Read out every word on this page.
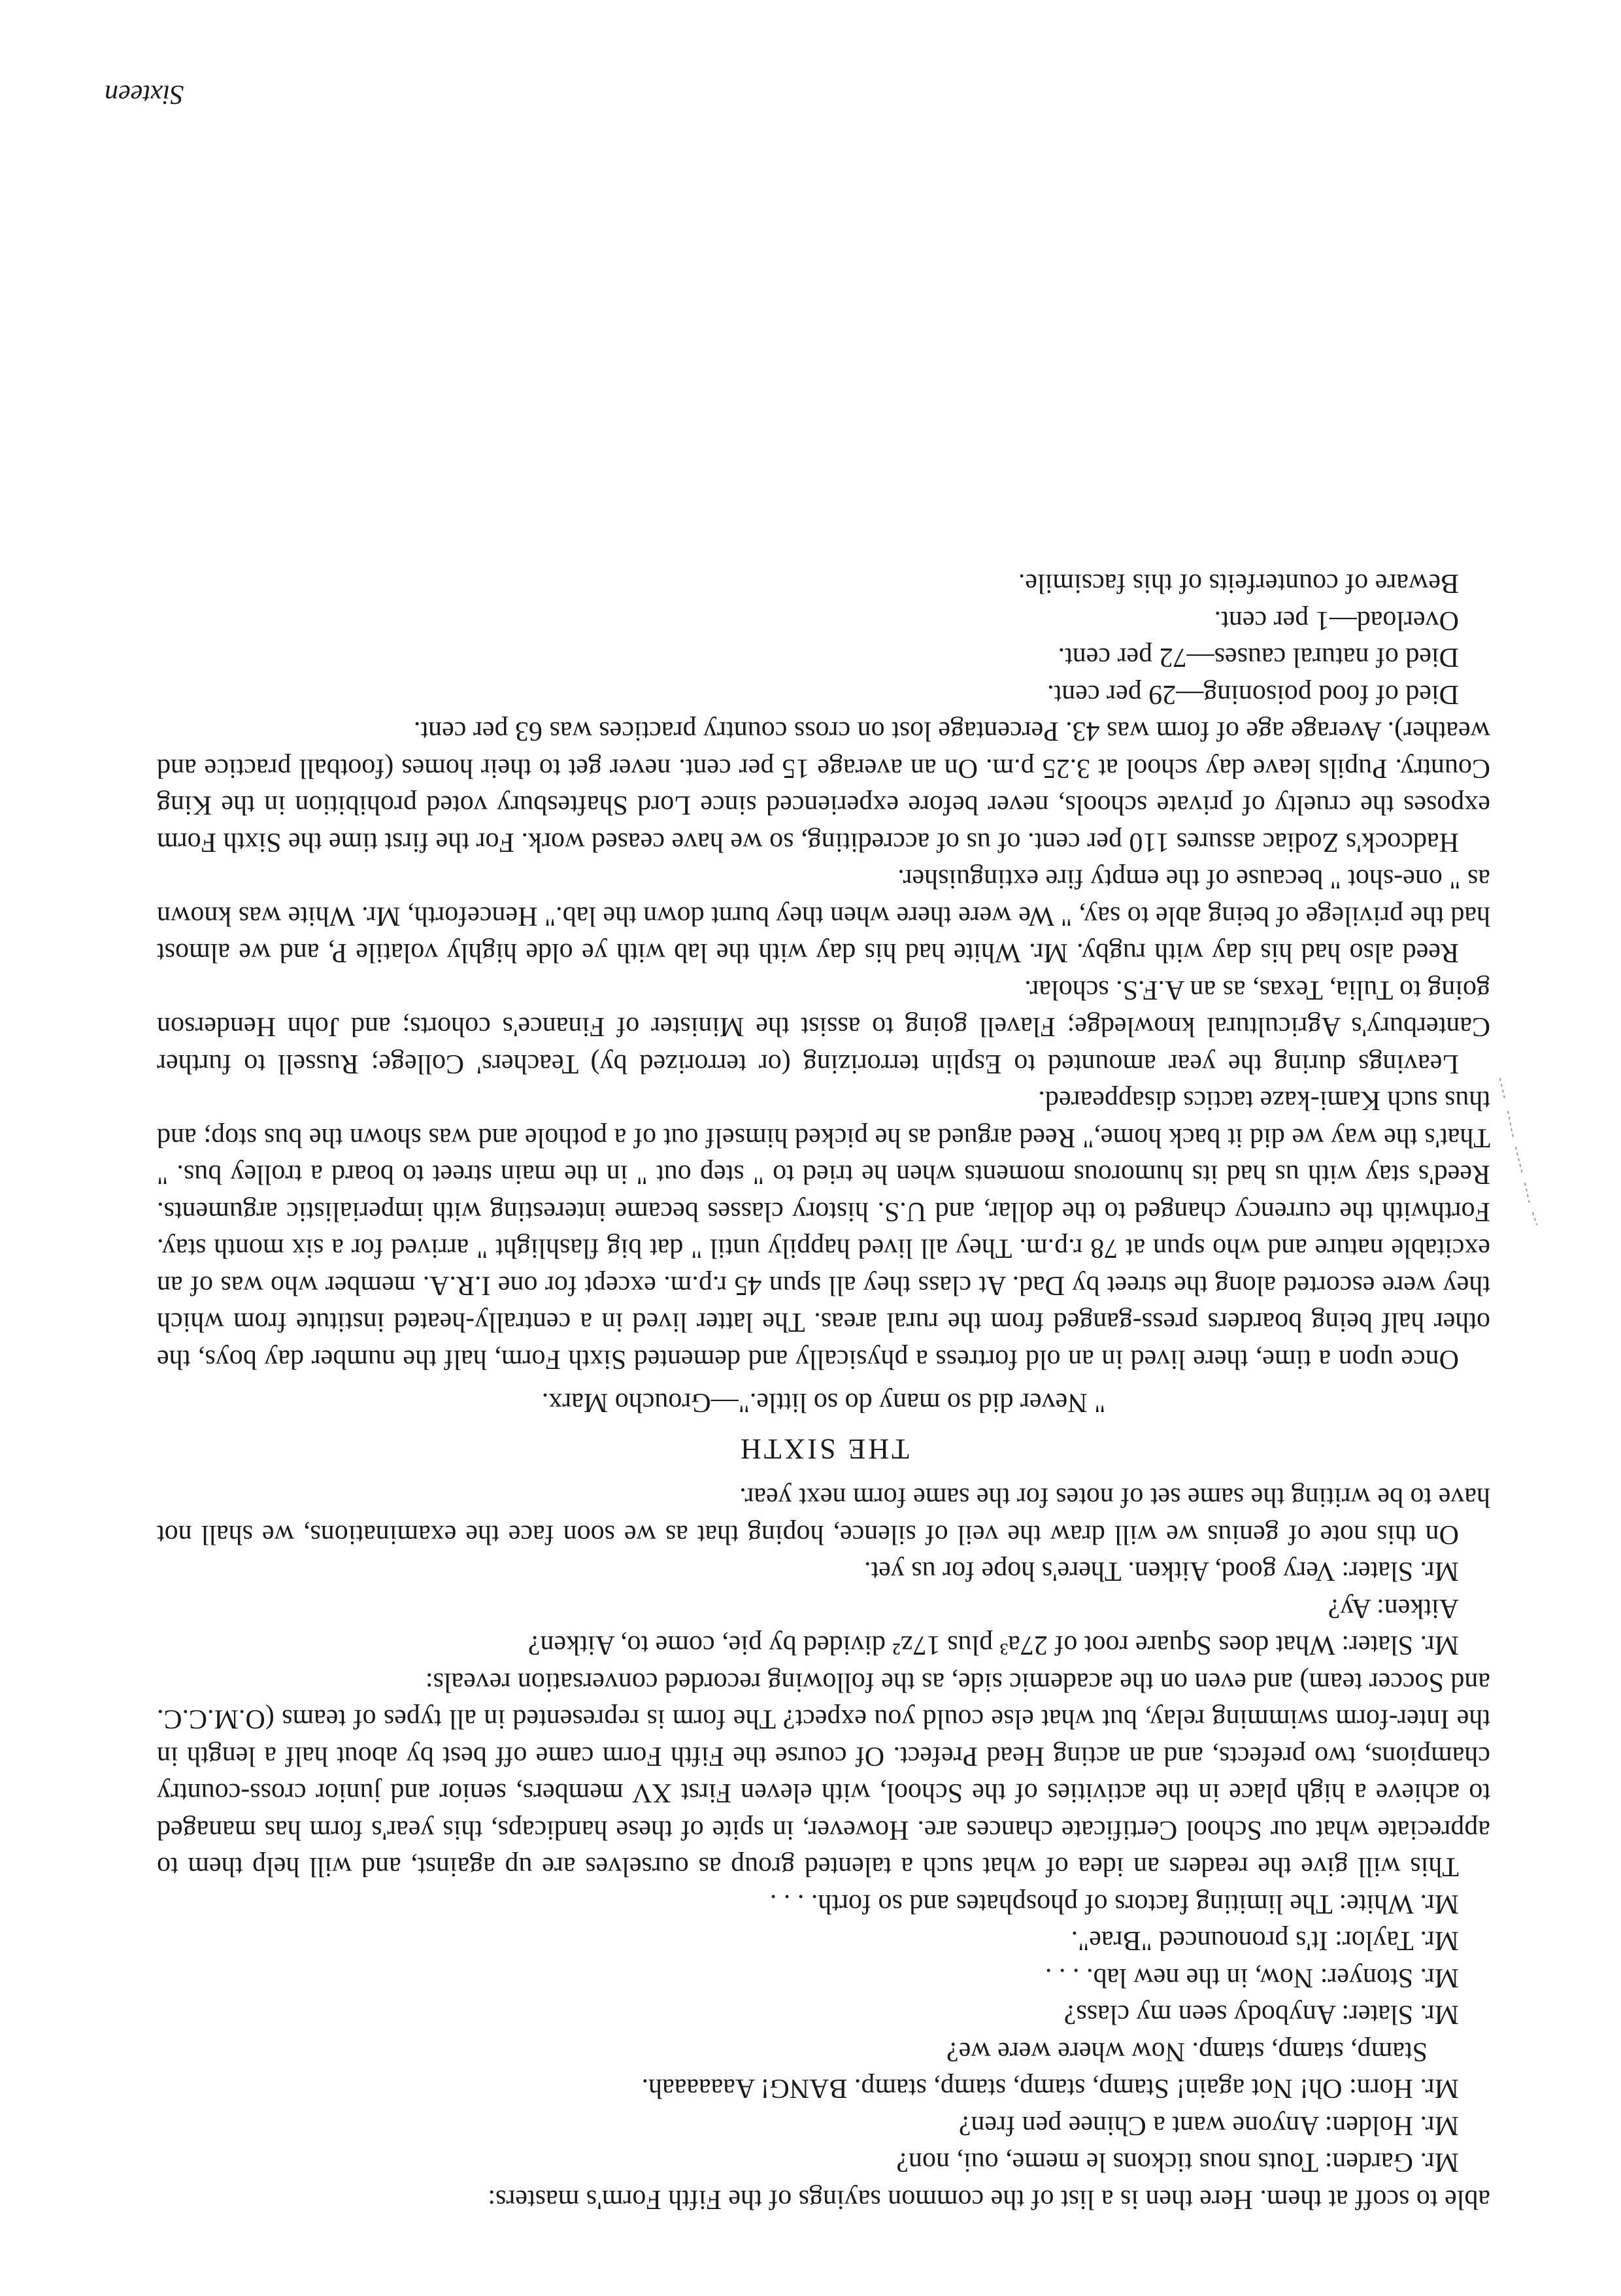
able to scoff at them. Here then is a list of the common sayings of the Fifth Form's masters:

Mr. Garden: Touts nous tickons le meme, oui, non?
Mr. Holden: Anyone want a Chinee pen fren?
Mr. Horn: Oh! Not again! Stamp, stamp, stamp, stamp. BANG! Aaaaaaah.
Stamp, stamp, stamp. Now where were we?
Mr. Slater: Anybody seen my class?
Mr. Stonyer: Now, in the new lab. . . .
Mr. Taylor: It's pronounced "Brae".
Mr. White: The limiting factors of phosphates and so forth. . . .

This will give the readers an idea of what such a talented group as ourselves are up against, and will help them to appreciate what our School Certificate chances are. However, in spite of these handicaps, this year's form has managed to achieve a high place in the activities of the School, with eleven First XV members, senior and junior cross-country champions, two prefects, and an acting Head Prefect. Of course the Fifth Form came off best by about half a length in the Inter-form swimming relay, but what else could you expect? The form is represented in all types of teams (O.M.C.C. and Soccer team) and even on the academic side, as the following recorded conversation reveals:

Mr. Slater: What does Square root of 27a³ plus 17z² divided by pie, come to, Aitken?
Aitken: Ay?
Mr. Slater: Very good, Aitken. There's hope for us yet.

On this note of genius we will draw the veil of silence, hoping that as we soon face the examinations, we shall not have to be writing the same set of notes for the same form next year.

THE SIXTH

" Never did so many do so little."—Groucho Marx.

Once upon a time, there lived in an old fortress a physically and demented Sixth Form, half the number day boys, the other half being boarders press-ganged from the rural areas. The latter lived in a centrally-heated institute from which they were escorted along the street by Dad. At class they all spun 45 r.p.m. except for one I.R.A. member who was of an excitable nature and who spun at 78 r.p.m. They all lived happily until " dat big flashlight " arrived for a six month stay. Forthwith the currency changed to the dollar, and U.S. history classes became interesting with imperialistic arguments. Reed's stay with us had its humorous moments when he tried to " step out " in the main street to board a trolley bus. " That's the way we did it back home," Reed argued as he picked himself out of a pothole and was shown the bus stop; and thus such Kami-kaze tactics disappeared.

Leavings during the year amounted to Esplin terrorizing (or terrorized by) Teachers' College; Russell to further Canterbury's Agricultural knowledge; Flavell going to assist the Minister of Finance's cohorts; and John Henderson going to Tulia, Texas, as an A.F.S. scholar.

Reed also had his day with rugby. Mr. White had his day with the lab with ye olde highly volatile P, and we almost had the privilege of being able to say, " We were there when they burnt down the lab." Henceforth, Mr. White was known as " one-shot " because of the empty fire extinguisher.

Hadcock's Zodiac assures 110 per cent. of us of accrediting, so we have ceased work. For the first time the Sixth Form exposes the cruelty of private schools, never before experienced since Lord Shaftesbury voted prohibition in the King Country. Pupils leave day school at 3.25 p.m. On an average 15 per cent. never get to their homes (football practice and weather). Average age of form was 43. Percentage lost on cross country practices was 63 per cent.

Died of food poisoning—29 per cent.
Died of natural causes—72 per cent.
Overload—1 per cent.

Beware of counterfeits of this facsimile.

Sixteen
